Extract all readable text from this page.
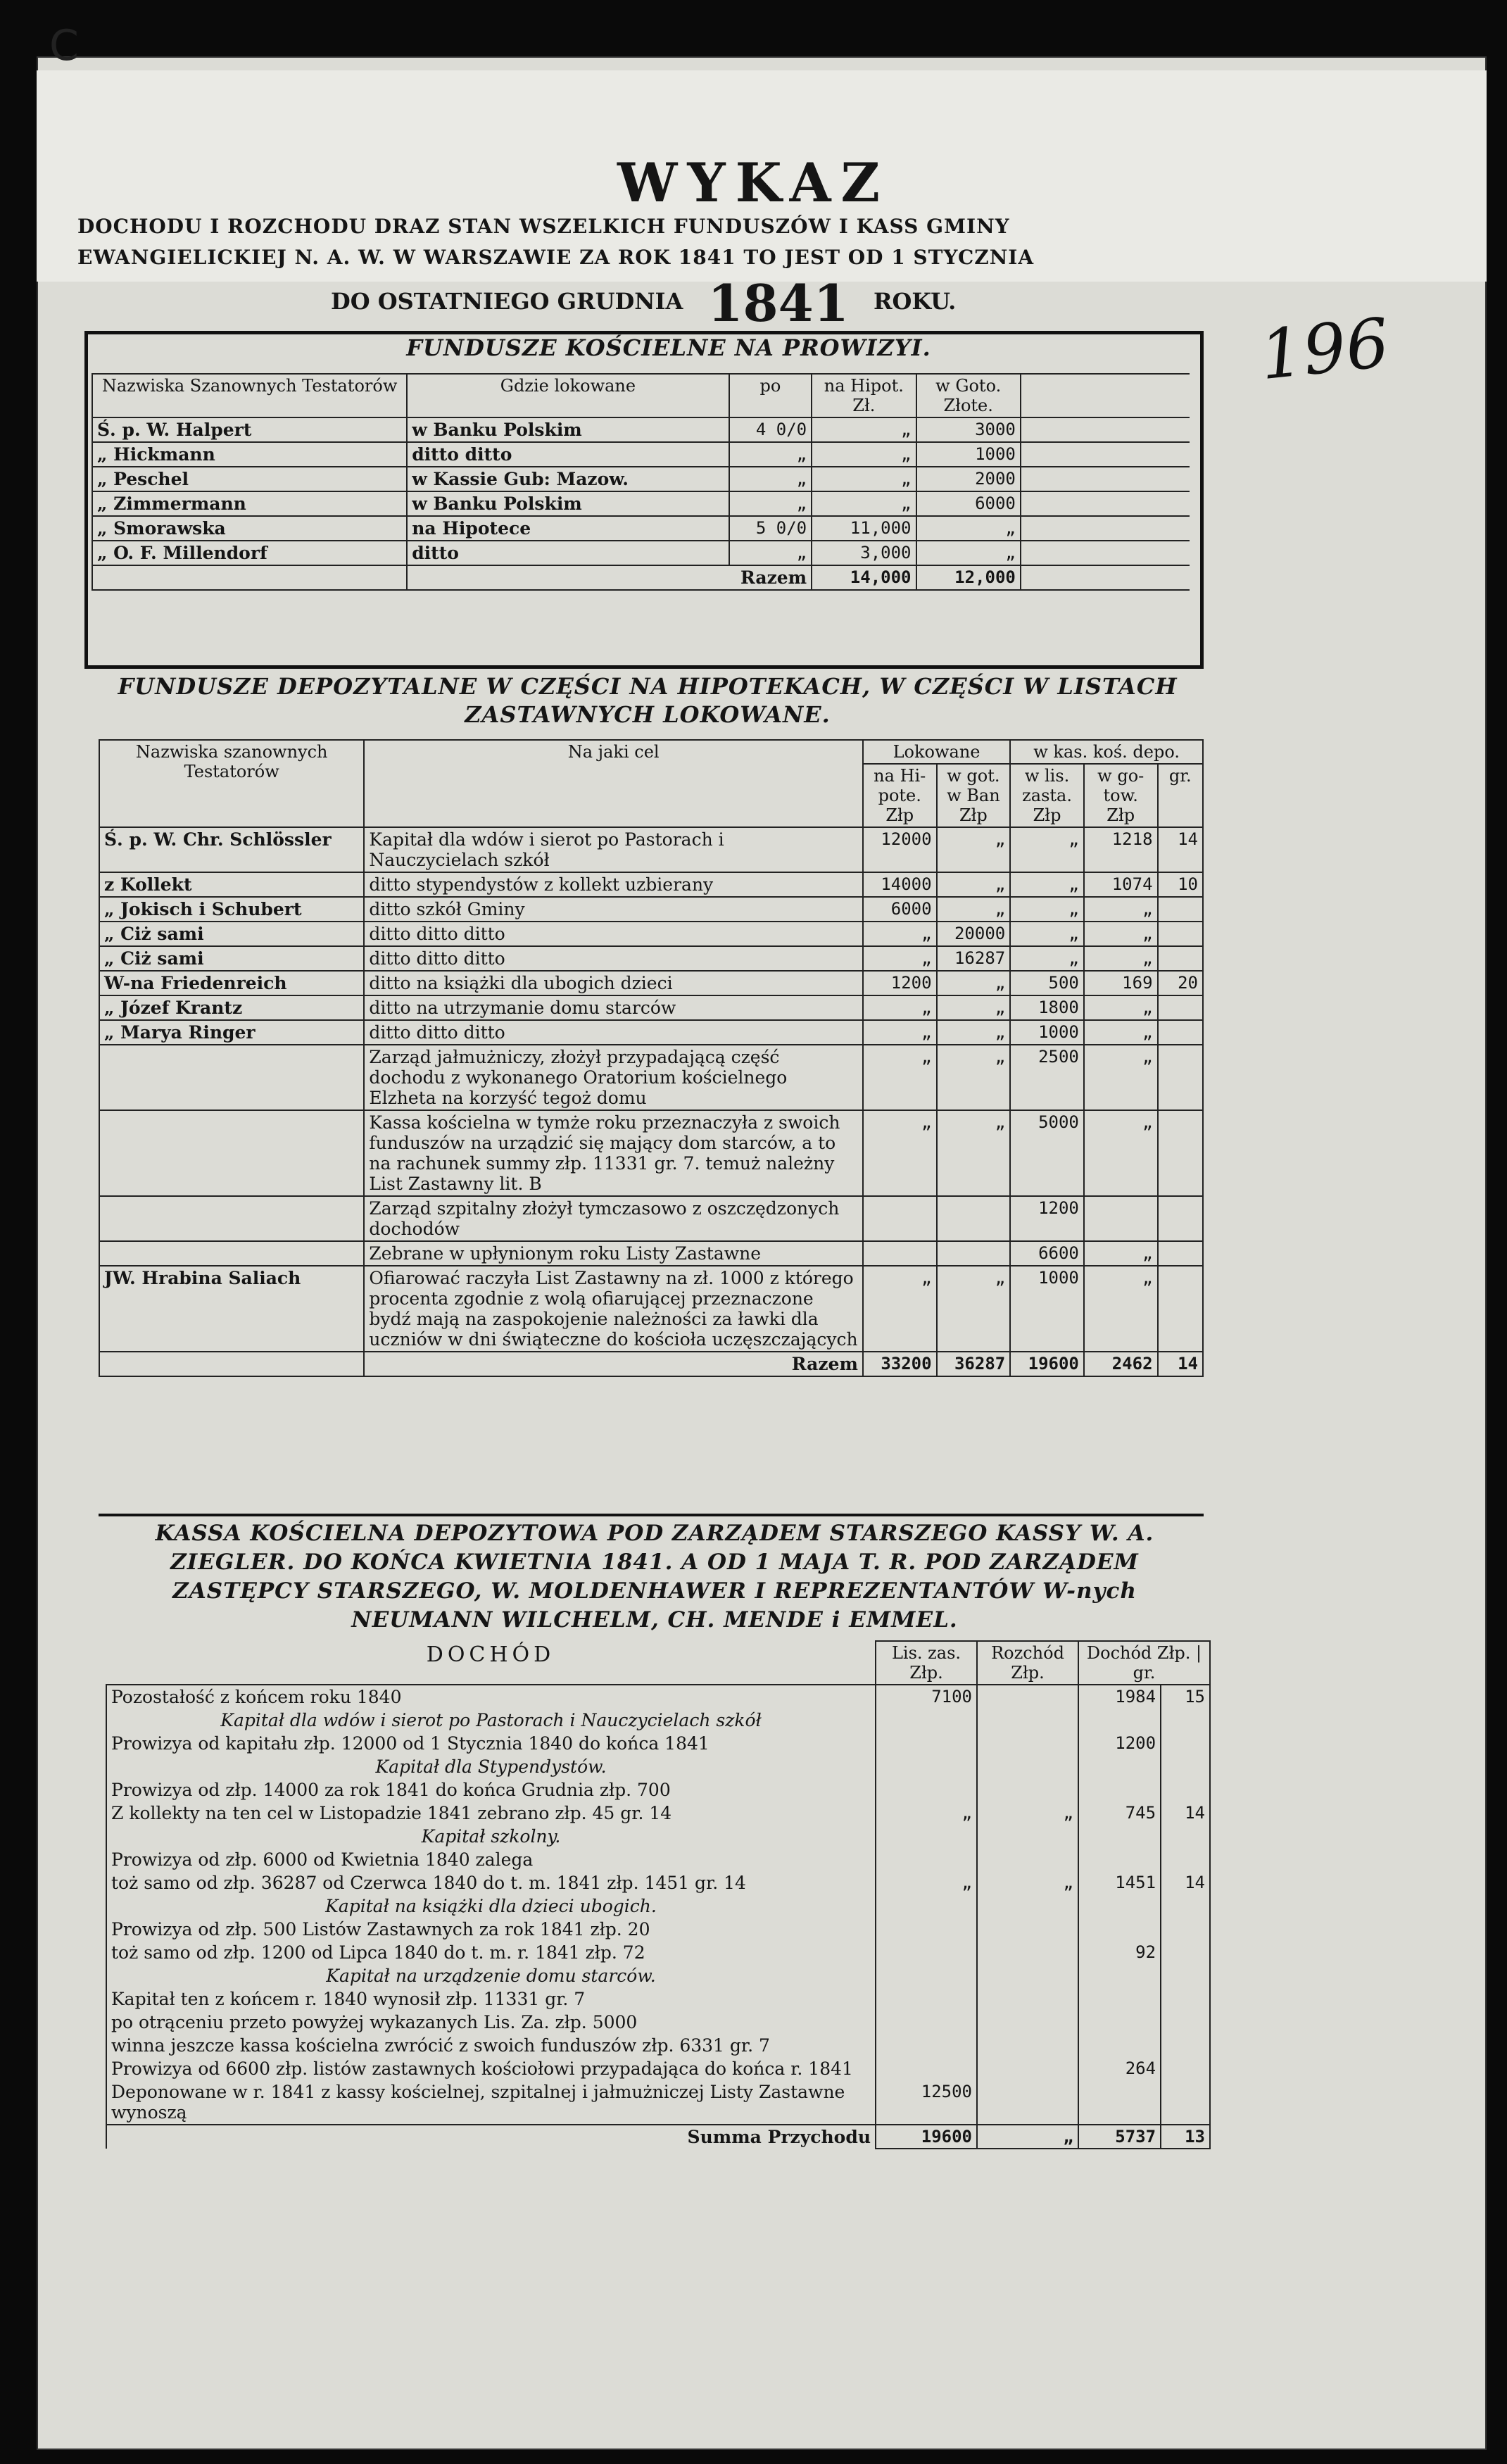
C
196
WYKAZ
DOCHODU I ROZCHODU DRAZ STAN WSZELKICH FUNDUSZÓW I KASS GMINY
EWANGIELICKIEJ N. A. W. W WARSZAWIE ZA ROK 1841 TO JEST OD 1 STYCZNIA
DO OSTATNIEGO GRUDNIA 1841 ROKU.
FUNDUSZE KOŚCIELNE NA PROWIZYI.
Nazwiska Szanownych Testatorów	Gdzie lokowane	po	na Hipot. Zł.	w Goto. Złote.	
Ś. p. W. Halpert	w Banku Polskim	4 0/0	„	3000	
„ Hickmann	ditto ditto	„	„	1000	
„ Peschel	w Kassie Gub: Mazow.	„	„	2000	
„ Zimmermann	w Banku Polskim	„	„	6000	
„ Smorawska	na Hipotece	5 0/0	11,000	„	
„ O. F. Millendorf	ditto	„	3,000	„	
	Razem		14,000	12,000	
FUNDUSZE DEPOZYTALNE W CZĘŚCI NA HIPOTEKACH, W CZĘŚCI W LISTACH
ZASTAWNYCH LOKOWANE.
Nazwiska szanownych Testatorów	Na jaki cel	Lokowane		w kas. koś. depo.		
		na Hi-pote. Złp	w got. w Ban Złp	w lis. zasta. Złp	w go-tow. Złp	gr.
Ś. p. W. Chr. Schlössler	Kapitał dla wdów i sierot po Pastorach i Nauczycielach szkół	12000	„	„	1218	14
z Kollekt	ditto stypendystów z kollekt uzbierany	14000	„	„	1074	10
„ Jokisch i Schubert	ditto szkół Gminy	6000	„	„	„	
„ Ciż sami	ditto ditto ditto	„	20000	„	„	
„ Ciż sami	ditto ditto ditto	„	16287	„	„	
W-na Friedenreich	ditto na książki dla ubogich dzieci	1200	„	500	169	20
„ Józef Krantz	ditto na utrzymanie domu starców	„	„	1800	„	
„ Marya Ringer	ditto ditto ditto	„	„	1000	„	
	Zarząd jałmużniczy, złożył przypadającą część dochodu z wykonanego Oratorium kościelnego Elzheta na korzyść tegoż domu	„	„	2500	„	
	Kassa kościelna w tymże roku przeznaczyła z swoich funduszów na urządzić się mający dom starców, a to na rachunek summy złp. 11331 gr. 7. temuż należny List Zastawny lit. B	„	„	5000	„	
	Zarząd szpitalny złożył tymczasowo z oszczędzonych dochodów			1200		
	Zebrane w upłynionym roku Listy Zastawne			6600	„	
JW. Hrabina Saliach	Ofiarować raczyła List Zastawny na zł. 1000 z którego procenta zgodnie z wolą ofiarującej przeznaczone bydź mają na zaspokojenie należności za ławki dla uczniów w dni świąteczne do kościoła uczęszczających	„	„	1000	„	
	Razem	33200	36287	19600	2462	14
KASSA KOŚCIELNA DEPOZYTOWA POD ZARZĄDEM STARSZEGO KASSY W. A.
ZIEGLER. DO KOŃCA KWIETNIA 1841. A OD 1 MAJA T. R. POD ZARZĄDEM
ZASTĘPCY STARSZEGO, W. MOLDENHAWER I REPREZENTANTÓW W-nych
NEUMANN WILCHELM, CH. MENDE i EMMEL.
DOCHÓD	Lis. zas. Złp.	Rozchód Złp.	Dochód Złp. | gr.	
Pozostałość z końcem roku 1840	7100		1984	15
Kapitał dla wdów i sierot po Pastorach i Nauczycielach szkół				
Prowizya od kapitału złp. 12000 od 1 Stycznia 1840 do końca 1841			1200	
Kapitał dla Stypendystów.				
Prowizya od złp. 14000 za rok 1841 do końca Grudnia złp. 700				
Z kollekty na ten cel w Listopadzie 1841 zebrano złp. 45 gr. 14	„	„	745	14
Kapitał szkolny.				
Prowizya od złp. 6000 od Kwietnia 1840 zalega				
toż samo od złp. 36287 od Czerwca 1840 do t. m. 1841 złp. 1451 gr. 14	„	„	1451	14
Kapitał na książki dla dzieci ubogich.				
Prowizya od złp. 500 Listów Zastawnych za rok 1841 złp. 20				
toż samo od złp. 1200 od Lipca 1840 do t. m. r. 1841 złp. 72			92	
Kapitał na urządzenie domu starców.				
Kapitał ten z końcem r. 1840 wynosił złp. 11331 gr. 7				
po otrąceniu przeto powyżej wykazanych Lis. Za. złp. 5000				
winna jeszcze kassa kościelna zwrócić z swoich funduszów złp. 6331 gr. 7				
Prowizya od 6600 złp. listów zastawnych kościołowi przypadająca do końca r. 1841			264	
Deponowane w r. 1841 z kassy kościelnej, szpitalnej i jałmużniczej Listy Zastawne wynoszą	12500			
Summa Przychodu	19600	„	5737	13
